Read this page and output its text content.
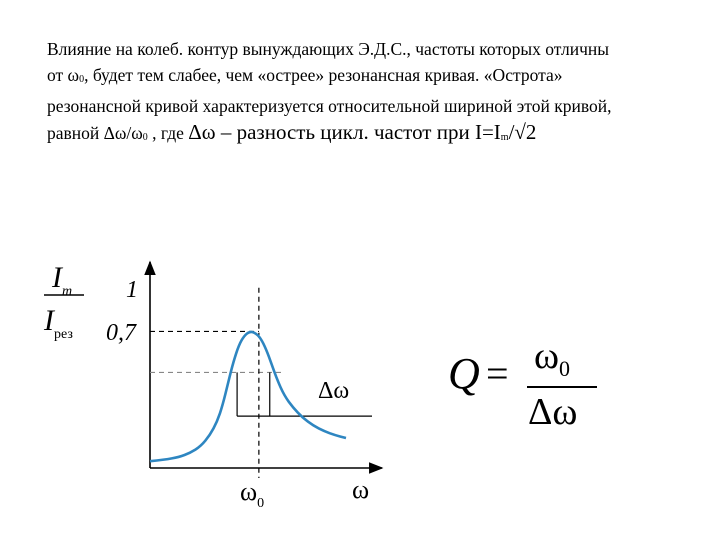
Влияние на колеб. контур вынуждающих Э.Д.С., частоты которых отличны
от ω0, будет тем слабее, чем «острее» резонансная кривая. «Острота»
резонансной кривой характеризуется относительной шириной этой кривой,
равной Δω/ω0 , где Δω – разность цикл. частот при I=Im/√2
1
0,7
$I_m$
$I_{рез}$
Δω
ω
$\omega_0$
$Q = \omega_0$
Δω
